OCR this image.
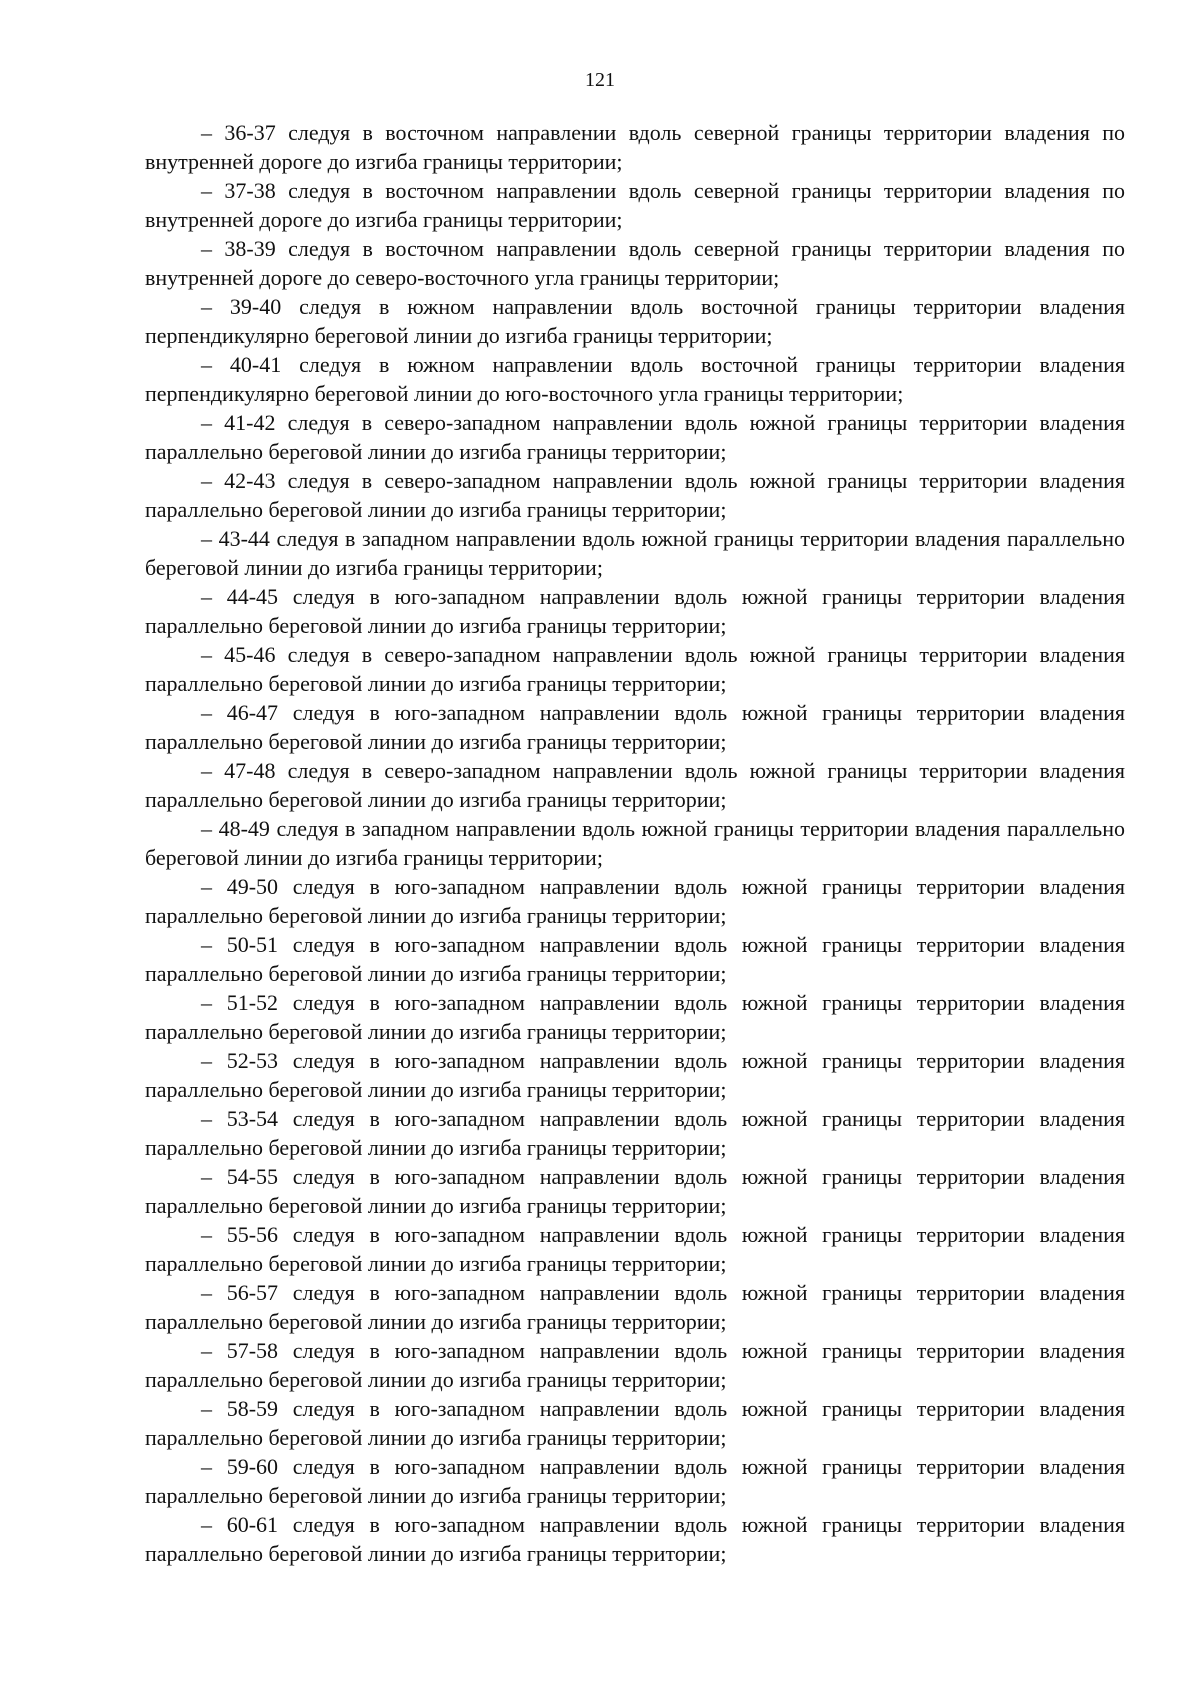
121

– 36-37 следуя в восточном направлении вдоль северной границы территории владения по внутренней дороге до изгиба границы территории;

– 37-38 следуя в восточном направлении вдоль северной границы территории владения по внутренней дороге до изгиба границы территории;

– 38-39 следуя в восточном направлении вдоль северной границы территории владения по внутренней дороге до северо-восточного угла границы территории;

– 39-40 следуя в южном направлении вдоль восточной границы территории владения перпендикулярно береговой линии до изгиба границы территории;

– 40-41 следуя в южном направлении вдоль восточной границы территории владения перпендикулярно береговой линии до юго-восточного угла границы территории;

– 41-42 следуя в северо-западном направлении вдоль южной границы территории владения параллельно береговой линии до изгиба границы территории;

– 42-43 следуя в северо-западном направлении вдоль южной границы территории владения параллельно береговой линии до изгиба границы территории;

– 43-44 следуя в западном направлении вдоль южной границы территории владения параллельно береговой линии до изгиба границы территории;

– 44-45 следуя в юго-западном направлении вдоль южной границы территории владения параллельно береговой линии до изгиба границы территории;

– 45-46 следуя в северо-западном направлении вдоль южной границы территории владения параллельно береговой линии до изгиба границы территории;

– 46-47 следуя в юго-западном направлении вдоль южной границы территории владения параллельно береговой линии до изгиба границы территории;

– 47-48 следуя в северо-западном направлении вдоль южной границы территории владения параллельно береговой линии до изгиба границы территории;

– 48-49 следуя в западном направлении вдоль южной границы территории владения параллельно береговой линии до изгиба границы территории;

– 49-50 следуя в юго-западном направлении вдоль южной границы территории владения параллельно береговой линии до изгиба границы территории;

– 50-51 следуя в юго-западном направлении вдоль южной границы территории владения параллельно береговой линии до изгиба границы территории;

– 51-52 следуя в юго-западном направлении вдоль южной границы территории владения параллельно береговой линии до изгиба границы территории;

– 52-53 следуя в юго-западном направлении вдоль южной границы территории владения параллельно береговой линии до изгиба границы территории;

– 53-54 следуя в юго-западном направлении вдоль южной границы территории владения параллельно береговой линии до изгиба границы территории;

– 54-55 следуя в юго-западном направлении вдоль южной границы территории владения параллельно береговой линии до изгиба границы территории;

– 55-56 следуя в юго-западном направлении вдоль южной границы территории владения параллельно береговой линии до изгиба границы территории;

– 56-57 следуя в юго-западном направлении вдоль южной границы территории владения параллельно береговой линии до изгиба границы территории;

– 57-58 следуя в юго-западном направлении вдоль южной границы территории владения параллельно береговой линии до изгиба границы территории;

– 58-59 следуя в юго-западном направлении вдоль южной границы территории владения параллельно береговой линии до изгиба границы территории;

– 59-60 следуя в юго-западном направлении вдоль южной границы территории владения параллельно береговой линии до изгиба границы территории;

– 60-61 следуя в юго-западном направлении вдоль южной границы территории владения параллельно береговой линии до изгиба границы территории;
